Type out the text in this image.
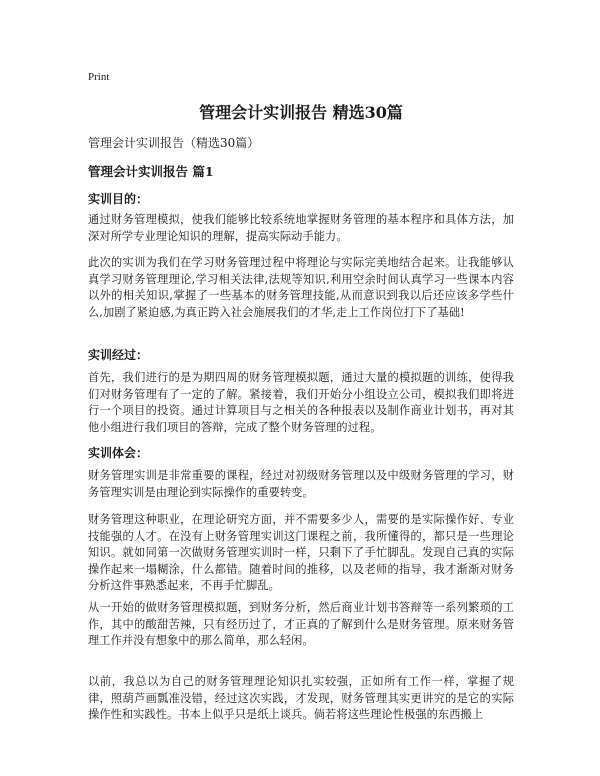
Print
管理会计实训报告 精选30篇
管理会计实训报告（精选30篇）
管理会计实训报告 篇1
实训目的：
通过财务管理模拟，使我们能够比较系统地掌握财务管理的基本程序和具体方法，加深对所学专业理论知识的理解，提高实际动手能力。
此次的实训为我们在学习财务管理过程中将理论与实际完美地结合起来。让我能够认真学习财务管理理论,学习相关法律,法规等知识,利用空余时间认真学习一些课本内容以外的相关知识,掌握了一些基本的财务管理技能,从而意识到我以后还应该多学些什么,加剧了紧迫感,为真正跨入社会施展我们的才华,走上工作岗位打下了基础!
实训经过：
首先，我们进行的是为期四周的财务管理模拟题，通过大量的模拟题的训练，使得我们对财务管理有了一定的了解。紧接着，我们开始分小组设立公司，模拟我们即将进行一个项目的投资。通过计算项目与之相关的各种报表以及制作商业计划书，再对其他小组进行我们项目的答辩，完成了整个财务管理的过程。
实训体会：
财务管理实训是非常重要的课程，经过对初级财务管理以及中级财务管理的学习，财务管理实训是由理论到实际操作的重要转变。
财务管理这种职业，在理论研究方面，并不需要多少人，需要的是实际操作好、专业技能强的人才。在没有上财务管理实训这门课程之前，我所懂得的，都只是一些理论知识。就如同第一次做财务管理实训时一样，只剩下了手忙脚乱。发现自己真的实际操作起来一塌糊涂，什么都错。随着时间的推移，以及老师的指导，我才渐渐对财务分析这件事熟悉起来，不再手忙脚乱。
从一开始的做财务管理模拟题，到财务分析，然后商业计划书答辩等一系列繁琐的工作，其中的酸甜苦辣，只有经历过了，才正真的了解到什么是财务管理。原来财务管理工作并没有想象中的那么简单，那么轻闲。
以前，我总以为自己的财务管理理论知识扎实较强，正如所有工作一样，掌握了规律，照葫芦画瓢准没错，经过这次实践，才发现，财务管理其实更讲究的是它的实际操作性和实践性。书本上似乎只是纸上谈兵。倘若将这些理论性极强的东西搬上
